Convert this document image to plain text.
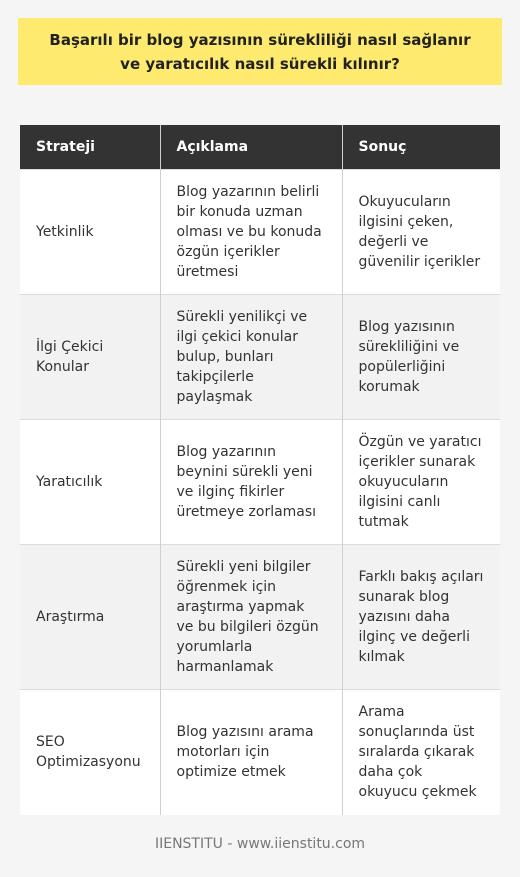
Başarılı bir blog yazısının sürekliliği nasıl sağlanır ve yaratıcılık nasıl sürekli kılınır?
Strateji	Açıklama	Sonuç
Yetkinlik	Blog yazarının belirli bir konuda uzman olması ve bu konuda özgün içerikler üretmesi	Okuyucuların ilgisini çeken, değerli ve güvenilir içerikler
İlgi Çekici Konular	Sürekli yenilikçi ve ilgi çekici konular bulup, bunları takipçilerle paylaşmak	Blog yazısının sürekliliğini ve popülerliğini korumak
Yaratıcılık	Blog yazarının beynini sürekli yeni ve ilginç fikirler üretmeye zorlaması	Özgün ve yaratıcı içerikler sunarak okuyucuların ilgisini canlı tutmak
Araştırma	Sürekli yeni bilgiler öğrenmek için araştırma yapmak ve bu bilgileri özgün yorumlarla harmanlamak	Farklı bakış açıları sunarak blog yazısını daha ilginç ve değerli kılmak
SEO Optimizasyonu	Blog yazısını arama motorları için optimize etmek	Arama sonuçlarında üst sıralarda çıkarak daha çok okuyucu çekmek
IIENSTITU - www.iienstitu.com
